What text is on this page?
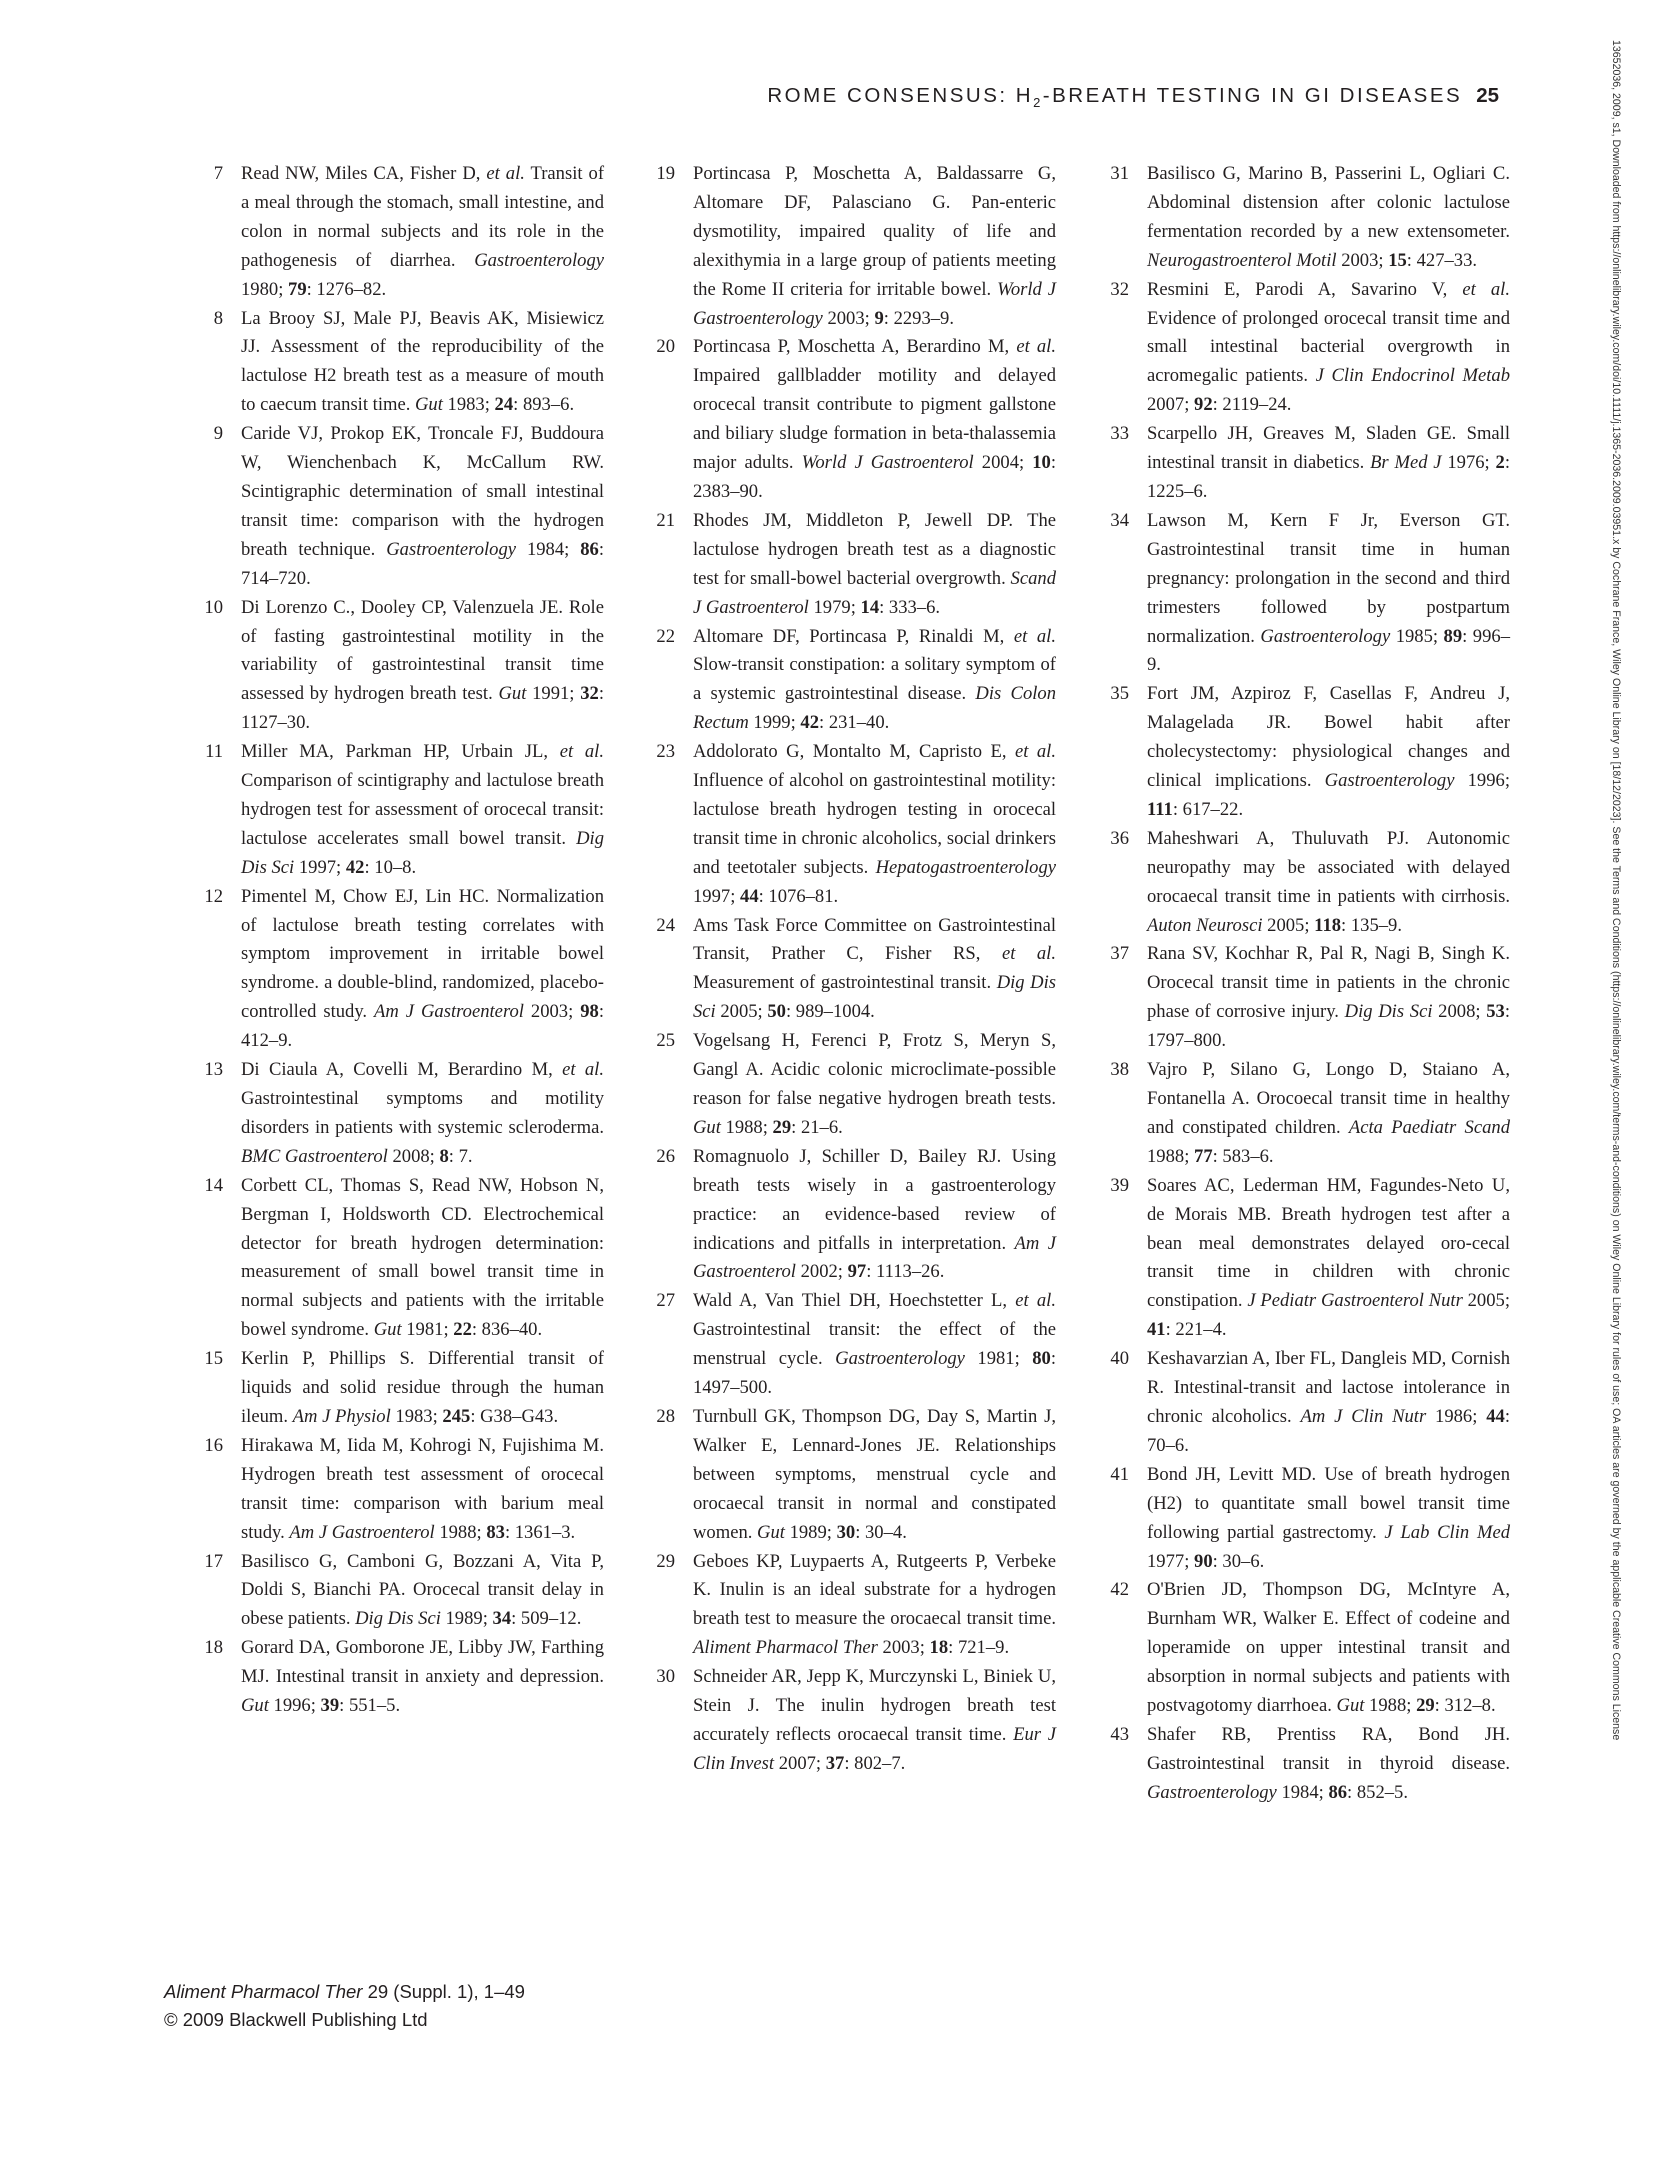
ROME CONSENSUS: $H_2$-BREATH TESTING IN GI DISEASES 25
7 Read NW, Miles CA, Fisher D, et al. Transit of a meal through the stomach, small intestine, and colon in normal subjects and its role in the pathogenesis of diarrhea. Gastroenterology 1980; 79: 1276–82.
8 La Brooy SJ, Male PJ, Beavis AK, Misiewicz JJ. Assessment of the reproducibility of the lactulose H2 breath test as a measure of mouth to caecum transit time. Gut 1983; 24: 893–6.
9 Caride VJ, Prokop EK, Troncale FJ, Buddoura W, Wienchenbach K, McCallum RW. Scintigraphic determination of small intestinal transit time: comparison with the hydrogen breath technique. Gastroenterology 1984; 86: 714–720.
10 Di Lorenzo C., Dooley CP, Valenzuela JE. Role of fasting gastrointestinal motility in the variability of gastrointestinal transit time assessed by hydrogen breath test. Gut 1991; 32: 1127–30.
11 Miller MA, Parkman HP, Urbain JL, et al. Comparison of scintigraphy and lactulose breath hydrogen test for assessment of orocecal transit: lactulose accelerates small bowel transit. Dig Dis Sci 1997; 42: 10–8.
12 Pimentel M, Chow EJ, Lin HC. Normalization of lactulose breath testing correlates with symptom improvement in irritable bowel syndrome. a double-blind, randomized, placebo-controlled study. Am J Gastroenterol 2003; 98: 412–9.
13 Di Ciaula A, Covelli M, Berardino M, et al. Gastrointestinal symptoms and motility disorders in patients with systemic scleroderma. BMC Gastroenterol 2008; 8: 7.
14 Corbett CL, Thomas S, Read NW, Hobson N, Bergman I, Holdsworth CD. Electrochemical detector for breath hydrogen determination: measurement of small bowel transit time in normal subjects and patients with the irritable bowel syndrome. Gut 1981; 22: 836–40.
15 Kerlin P, Phillips S. Differential transit of liquids and solid residue through the human ileum. Am J Physiol 1983; 245: G38–G43.
16 Hirakawa M, Iida M, Kohrogi N, Fujishima M. Hydrogen breath test assessment of orocecal transit time: comparison with barium meal study. Am J Gastroenterol 1988; 83: 1361–3.
17 Basilisco G, Camboni G, Bozzani A, Vita P, Doldi S, Bianchi PA. Orocecal transit delay in obese patients. Dig Dis Sci 1989; 34: 509–12.
18 Gorard DA, Gomborone JE, Libby JW, Farthing MJ. Intestinal transit in anxiety and depression. Gut 1996; 39: 551–5.
19 Portincasa P, Moschetta A, Baldassarre G, Altomare DF, Palasciano G. Pan-enteric dysmotility, impaired quality of life and alexithymia in a large group of patients meeting the Rome II criteria for irritable bowel. World J Gastroenterology 2003; 9: 2293–9.
20 Portincasa P, Moschetta A, Berardino M, et al. Impaired gallbladder motility and delayed orocecal transit contribute to pigment gallstone and biliary sludge formation in beta-thalassemia major adults. World J Gastroenterol 2004; 10: 2383–90.
21 Rhodes JM, Middleton P, Jewell DP. The lactulose hydrogen breath test as a diagnostic test for small-bowel bacterial overgrowth. Scand J Gastroenterol 1979; 14: 333–6.
22 Altomare DF, Portincasa P, Rinaldi M, et al. Slow-transit constipation: a solitary symptom of a systemic gastrointestinal disease. Dis Colon Rectum 1999; 42: 231–40.
23 Addolorato G, Montalto M, Capristo E, et al. Influence of alcohol on gastrointestinal motility: lactulose breath hydrogen testing in orocecal transit time in chronic alcoholics, social drinkers and teetotaler subjects. Hepatogastroenterology 1997; 44: 1076–81.
24 Ams Task Force Committee on Gastrointestinal Transit, Prather C, Fisher RS, et al. Measurement of gastrointestinal transit. Dig Dis Sci 2005; 50: 989–1004.
25 Vogelsang H, Ferenci P, Frotz S, Meryn S, Gangl A. Acidic colonic microclimate-possible reason for false negative hydrogen breath tests. Gut 1988; 29: 21–6.
26 Romagnuolo J, Schiller D, Bailey RJ. Using breath tests wisely in a gastroenterology practice: an evidence-based review of indications and pitfalls in interpretation. Am J Gastroenterol 2002; 97: 1113–26.
27 Wald A, Van Thiel DH, Hoechstetter L, et al. Gastrointestinal transit: the effect of the menstrual cycle. Gastroenterology 1981; 80: 1497–500.
28 Turnbull GK, Thompson DG, Day S, Martin J, Walker E, Lennard-Jones JE. Relationships between symptoms, menstrual cycle and orocaecal transit in normal and constipated women. Gut 1989; 30: 30–4.
29 Geboes KP, Luypaerts A, Rutgeerts P, Verbeke K. Inulin is an ideal substrate for a hydrogen breath test to measure the orocaecal transit time. Aliment Pharmacol Ther 2003; 18: 721–9.
30 Schneider AR, Jepp K, Murczynski L, Biniek U, Stein J. The inulin hydrogen breath test accurately reflects orocaecal transit time. Eur J Clin Invest 2007; 37: 802–7.
31 Basilisco G, Marino B, Passerini L, Ogliari C. Abdominal distension after colonic lactulose fermentation recorded by a new extensometer. Neurogastroenterol Motil 2003; 15: 427–33.
32 Resmini E, Parodi A, Savarino V, et al. Evidence of prolonged orocecal transit time and small intestinal bacterial overgrowth in acromegalic patients. J Clin Endocrinol Metab 2007; 92: 2119–24.
33 Scarpello JH, Greaves M, Sladen GE. Small intestinal transit in diabetics. Br Med J 1976; 2: 1225–6.
34 Lawson M, Kern F Jr, Everson GT. Gastrointestinal transit time in human pregnancy: prolongation in the second and third trimesters followed by postpartum normalization. Gastroenterology 1985; 89: 996–9.
35 Fort JM, Azpiroz F, Casellas F, Andreu J, Malagelada JR. Bowel habit after cholecystectomy: physiological changes and clinical implications. Gastroenterology 1996; 111: 617–22.
36 Maheshwari A, Thuluvath PJ. Autonomic neuropathy may be associated with delayed orocaecal transit time in patients with cirrhosis. Auton Neurosci 2005; 118: 135–9.
37 Rana SV, Kochhar R, Pal R, Nagi B, Singh K. Orocecal transit time in patients in the chronic phase of corrosive injury. Dig Dis Sci 2008; 53: 1797–800.
38 Vajro P, Silano G, Longo D, Staiano A, Fontanella A. Orocoecal transit time in healthy and constipated children. Acta Paediatr Scand 1988; 77: 583–6.
39 Soares AC, Lederman HM, Fagundes-Neto U, de Morais MB. Breath hydrogen test after a bean meal demonstrates delayed oro-cecal transit time in children with chronic constipation. J Pediatr Gastroenterol Nutr 2005; 41: 221–4.
40 Keshavarzian A, Iber FL, Dangleis MD, Cornish R. Intestinal-transit and lactose intolerance in chronic alcoholics. Am J Clin Nutr 1986; 44: 70–6.
41 Bond JH, Levitt MD. Use of breath hydrogen (H2) to quantitate small bowel transit time following partial gastrectomy. J Lab Clin Med 1977; 90: 30–6.
42 O'Brien JD, Thompson DG, McIntyre A, Burnham WR, Walker E. Effect of codeine and loperamide on upper intestinal transit and absorption in normal subjects and patients with postvagotomy diarrhoea. Gut 1988; 29: 312–8.
43 Shafer RB, Prentiss RA, Bond JH. Gastrointestinal transit in thyroid disease. Gastroenterology 1984; 86: 852–5.
Aliment Pharmacol Ther 29 (Suppl. 1), 1–49
© 2009 Blackwell Publishing Ltd
13652036, 2009, s1, Downloaded from https://onlinelibrary.wiley.com/doi/10.1111/j.1365-2036.2009.03951.x by Cochrane France, Wiley Online Library on [18/12/2023]. See the Terms and Conditions (https://onlinelibrary.wiley.com/terms-and-conditions) on Wiley Online Library for rules of use; OA articles are governed by the applicable Creative Commons License
